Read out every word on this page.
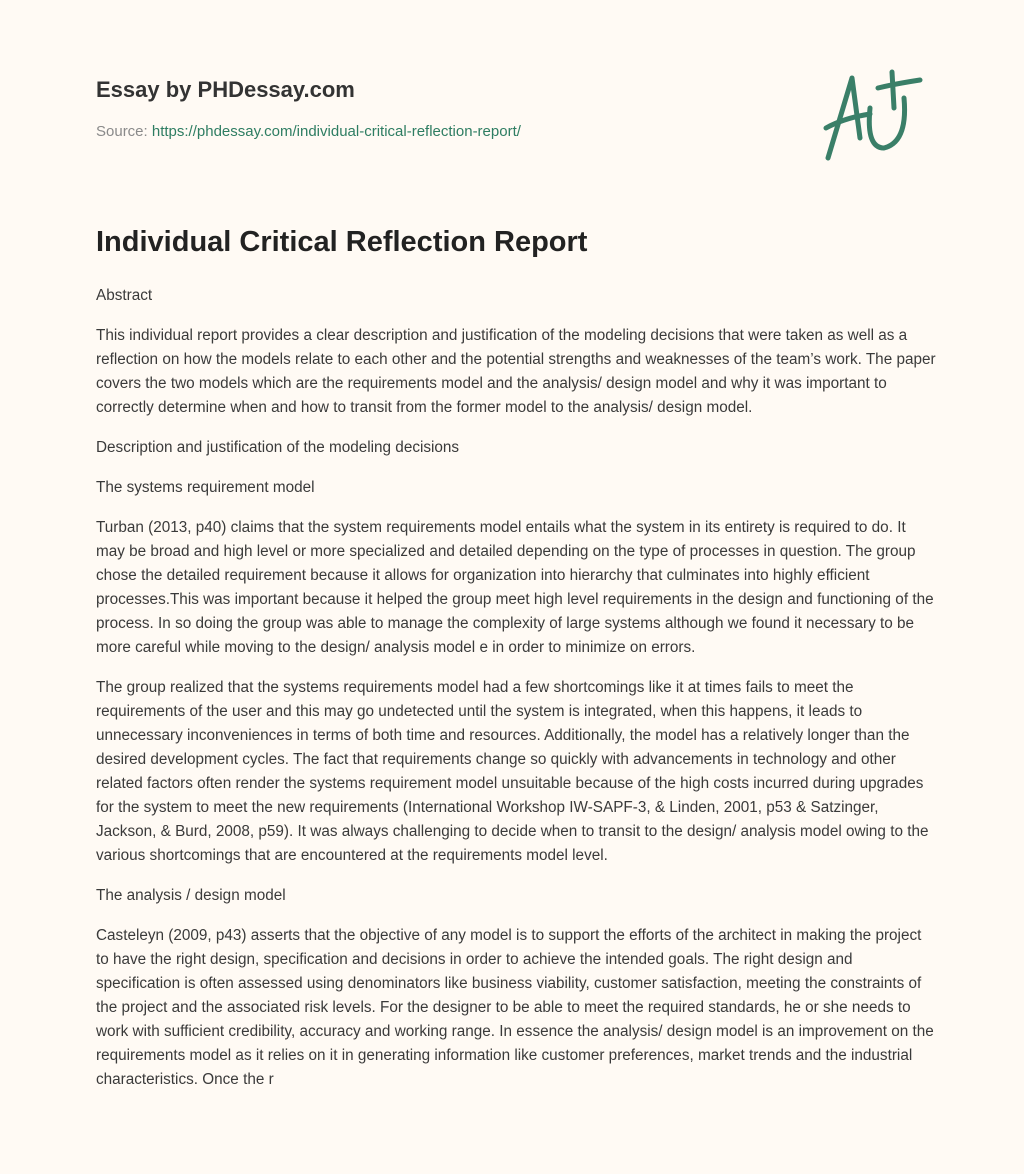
Essay by PHDessay.com
Source: https://phdessay.com/individual-critical-reflection-report/
Individual Critical Reflection Report

Abstract

This individual report provides a clear description and justification of the modeling decisions that were taken as well as a reflection on how the models relate to each other and the potential strengths and weaknesses of the team’s work. The paper covers the two models which are the requirements model and the analysis/ design model and why it was important to correctly determine when and how to transit from the former model to the analysis/ design model.

Description and justification of the modeling decisions

The systems requirement model

Turban (2013, p40) claims that the system requirements model entails what the system in its entirety is required to do. It may be broad and high level or more specialized and detailed depending on the type of processes in question. The group chose the detailed requirement because it allows for organization into hierarchy that culminates into highly efficient processes.This was important because it helped the group meet high level requirements in the design and functioning of the process. In so doing the group was able to manage the complexity of large systems although we found it necessary to be more careful while moving to the design/ analysis model e in order to minimize on errors.

The group realized that the systems requirements model had a few shortcomings like it at times fails to meet the requirements of the user and this may go undetected until the system is integrated, when this happens, it leads to unnecessary inconveniences in terms of both time and resources. Additionally, the model has a relatively longer than the desired development cycles. The fact that requirements change so quickly with advancements in technology and other related factors often render the systems requirement model unsuitable because of the high costs incurred during upgrades for the system to meet the new requirements (International Workshop IW-SAPF-3, & Linden, 2001, p53 & Satzinger, Jackson, & Burd, 2008, p59). It was always challenging to decide when to transit to the design/ analysis model owing to the various shortcomings that are encountered at the requirements model level.

The analysis / design model

Casteleyn (2009, p43) asserts that the objective of any model is to support the efforts of the architect in making the project to have the right design, specification and decisions in order to achieve the intended goals. The right design and specification is often assessed using denominators like business viability, customer satisfaction, meeting the constraints of the project and the associated risk levels. For the designer to be able to meet the required standards, he or she needs to work with sufficient credibility, accuracy and working range. In essence the analysis/ design model is an improvement on the requirements model as it relies on it in generating information like customer preferences, market trends and the industrial characteristics. Once the r
